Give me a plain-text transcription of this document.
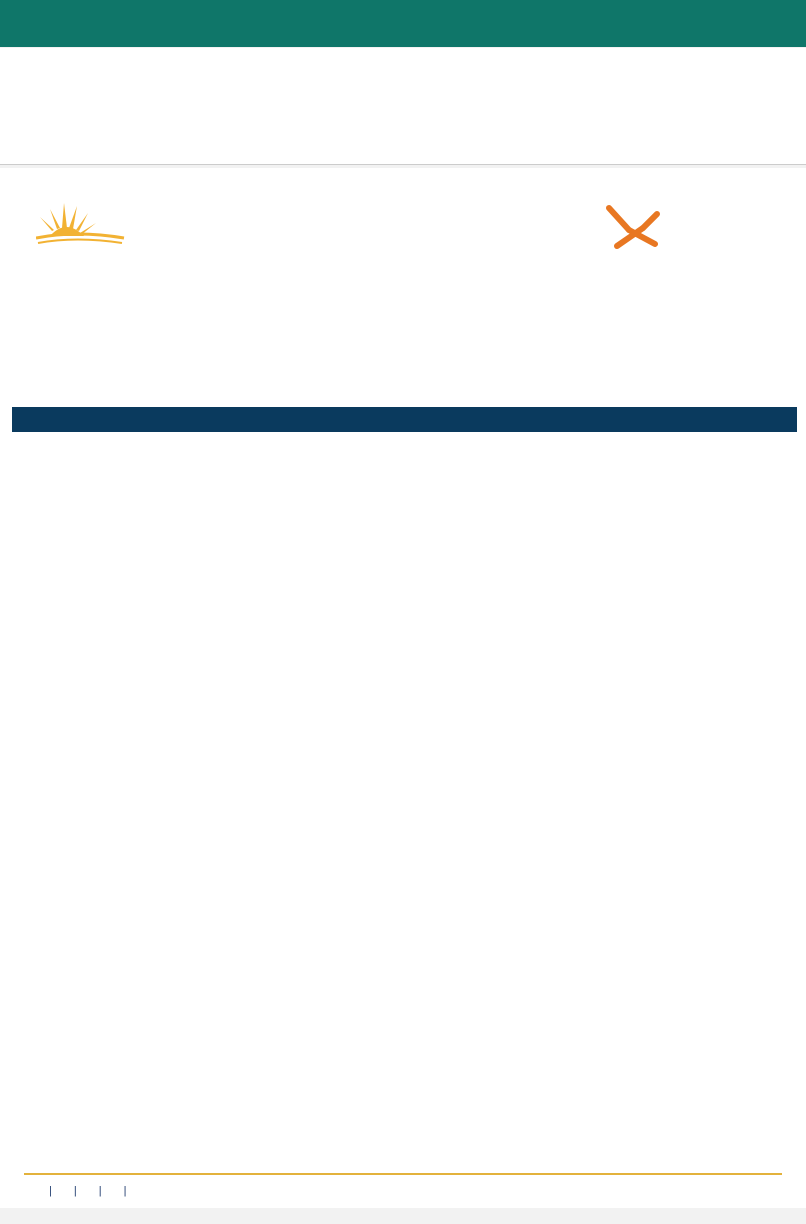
| | | |
